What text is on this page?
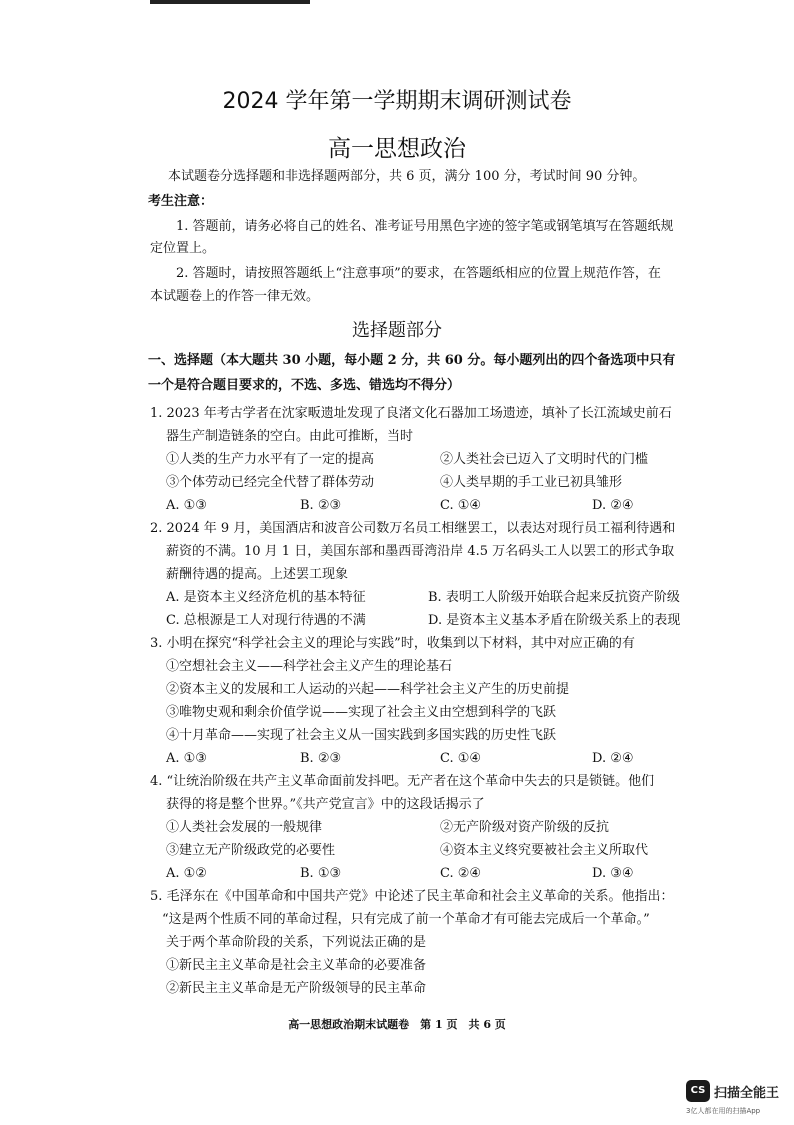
2024 学年第一学期期末调研测试卷
高一思想政治
本试题卷分选择题和非选择题两部分，共 6 页，满分 100 分，考试时间 90 分钟。
考生注意：
1. 答题前，请务必将自己的姓名、准考证号用黑色字迹的签字笔或钢笔填写在答题纸规
定位置上。
2. 答题时，请按照答题纸上“注意事项”的要求，在答题纸相应的位置上规范作答，在
本试题卷上的作答一律无效。
选择题部分
一、选择题（本大题共 30 小题，每小题 2 分，共 60 分。每小题列出的四个备选项中只有
一个是符合题目要求的，不选、多选、错选均不得分）
1. 2023 年考古学者在沈家畈遗址发现了良渚文化石器加工场遗迹，填补了长江流域史前石
器生产制造链条的空白。由此可推断，当时
①人类的生产力水平有了一定的提高	②人类社会已迈入了文明时代的门槛
③个体劳动已经完全代替了群体劳动	④人类早期的手工业已初具雏形
A. ①③	B. ②③	C. ①④	D. ②④
2. 2024 年 9 月，美国酒店和波音公司数万名员工相继罢工，以表达对现行员工福利待遇和
薪资的不满。10 月 1 日，美国东部和墨西哥湾沿岸 4.5 万名码头工人以罢工的形式争取
薪酬待遇的提高。上述罢工现象
A. 是资本主义经济危机的基本特征	B. 表明工人阶级开始联合起来反抗资产阶级
C. 总根源是工人对现行待遇的不满	D. 是资本主义基本矛盾在阶级关系上的表现
3. 小明在探究“科学社会主义的理论与实践”时，收集到以下材料，其中对应正确的有
①空想社会主义——科学社会主义产生的理论基石
②资本主义的发展和工人运动的兴起——科学社会主义产生的历史前提
③唯物史观和剩余价值学说——实现了社会主义由空想到科学的飞跃
④十月革命——实现了社会主义从一国实践到多国实践的历史性飞跃
A. ①③	B. ②③	C. ①④	D. ②④
4. “让统治阶级在共产主义革命面前发抖吧。无产者在这个革命中失去的只是锁链。他们
获得的将是整个世界。”《共产党宣言》中的这段话揭示了
①人类社会发展的一般规律	②无产阶级对资产阶级的反抗
③建立无产阶级政党的必要性	④资本主义终究要被社会主义所取代
A. ①②	B. ①③	C. ②④	D. ③④
5. 毛泽东在《中国革命和中国共产党》中论述了民主革命和社会主义革命的关系。他指出：
“这是两个性质不同的革命过程，只有完成了前一个革命才有可能去完成后一个革命。”
关于两个革命阶段的关系，下列说法正确的是
①新民主主义革命是社会主义革命的必要准备
②新民主主义革命是无产阶级领导的民主革命
高一思想政治期末试题卷　第 1 页　共 6 页
CS 扫描全能王
3亿人都在用的扫描App
